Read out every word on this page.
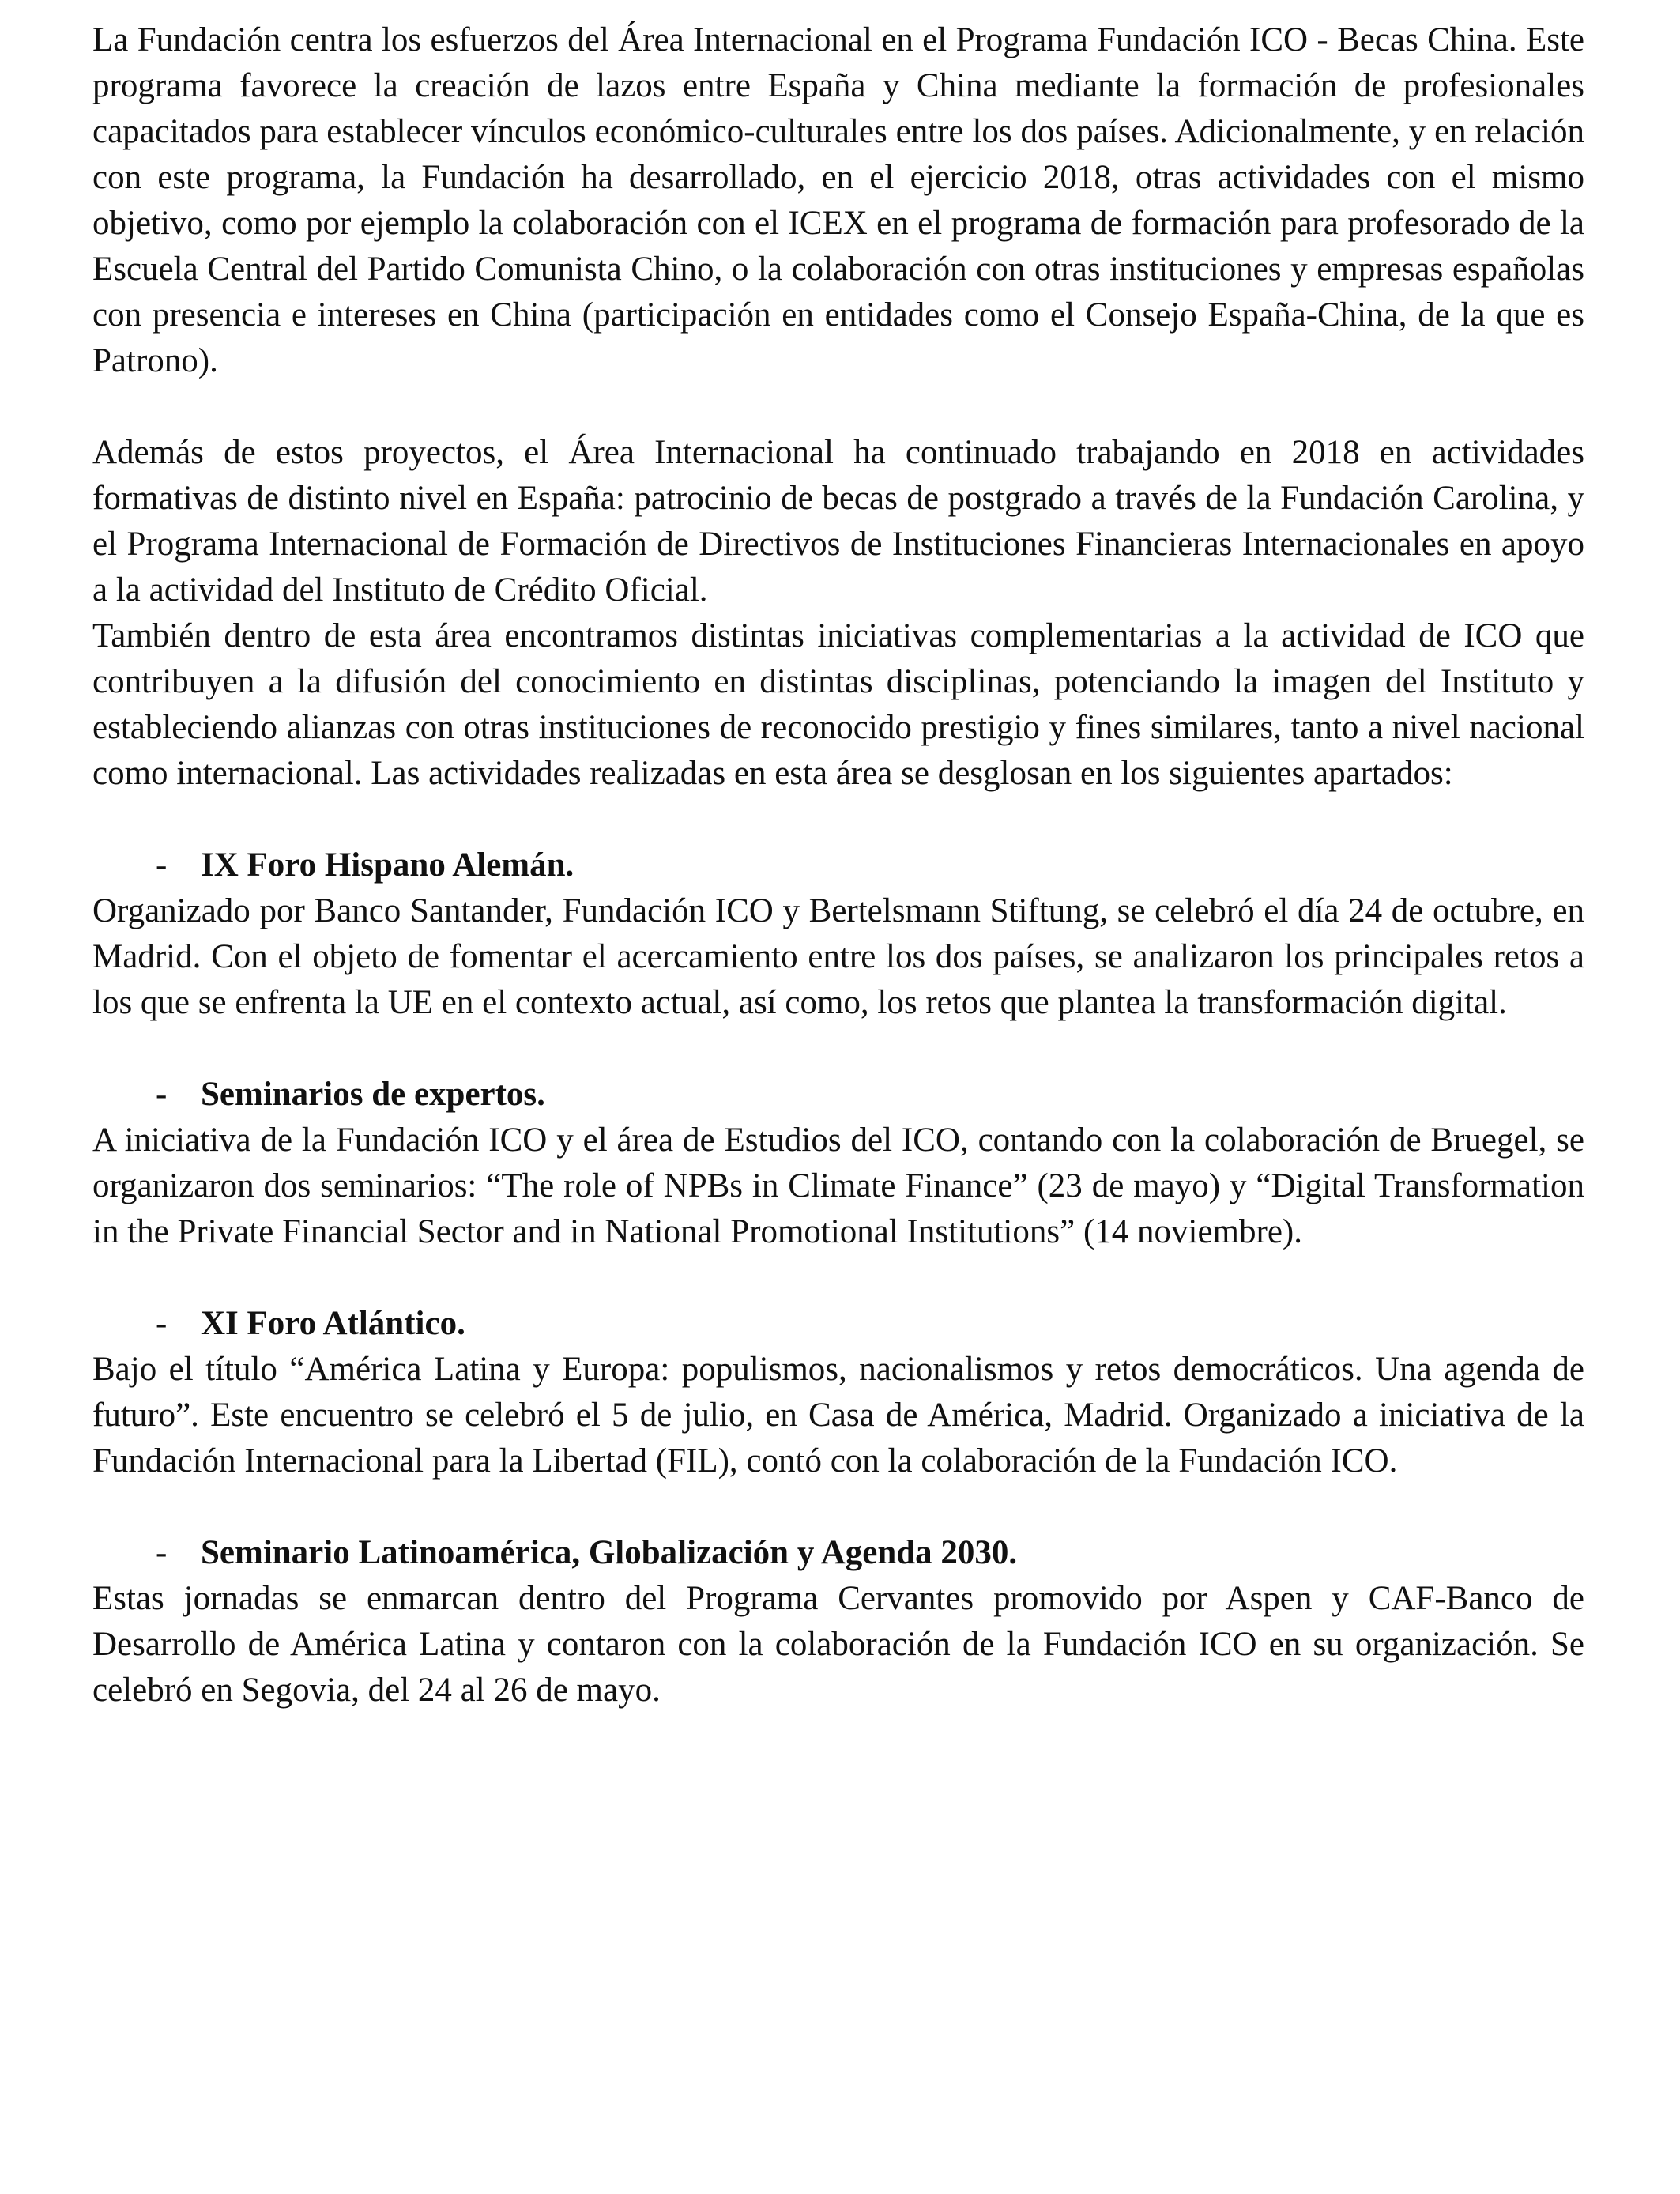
La Fundación centra los esfuerzos del Área Internacional en el Programa Fundación ICO - Becas China. Este programa favorece la creación de lazos entre España y China mediante la formación de profesionales capacitados para establecer vínculos económico-culturales entre los dos países. Adicionalmente, y en relación con este programa, la Fundación ha desarrollado, en el ejercicio 2018, otras actividades con el mismo objetivo, como por ejemplo la colaboración con el ICEX en el programa de formación para profesorado de la Escuela Central del Partido Comunista Chino, o la colaboración con otras instituciones y empresas españolas con presencia e intereses en China (participación en entidades como el Consejo España-China, de la que es Patrono).

Además de estos proyectos, el Área Internacional ha continuado trabajando en 2018 en actividades formativas de distinto nivel en España: patrocinio de becas de postgrado a través de la Fundación Carolina, y el Programa Internacional de Formación de Directivos de Instituciones Financieras Internacionales en apoyo a la actividad del Instituto de Crédito Oficial.

También dentro de esta área encontramos distintas iniciativas complementarias a la actividad de ICO que contribuyen a la difusión del conocimiento en distintas disciplinas, potenciando la imagen del Instituto y estableciendo alianzas con otras instituciones de reconocido prestigio y fines similares, tanto a nivel nacional como internacional. Las actividades realizadas en esta área se desglosan en los siguientes apartados:

- IX Foro Hispano Alemán.

Organizado por Banco Santander, Fundación ICO y Bertelsmann Stiftung, se celebró el día 24 de octubre, en Madrid. Con el objeto de fomentar el acercamiento entre los dos países, se analizaron los principales retos a los que se enfrenta la UE en el contexto actual, así como, los retos que plantea la transformación digital.

- Seminarios de expertos.

A iniciativa de la Fundación ICO y el área de Estudios del ICO, contando con la colaboración de Bruegel, se organizaron dos seminarios: “The role of NPBs in Climate Finance” (23 de mayo) y “Digital Transformation in the Private Financial Sector and in National Promotional Institutions” (14 noviembre).

- XI Foro Atlántico.

Bajo el título “América Latina y Europa: populismos, nacionalismos y retos democráticos. Una agenda de futuro”. Este encuentro se celebró el 5 de julio, en Casa de América, Madrid. Organizado a iniciativa de la Fundación Internacional para la Libertad (FIL), contó con la colaboración de la Fundación ICO.

- Seminario Latinoamérica, Globalización y Agenda 2030.

Estas jornadas se enmarcan dentro del Programa Cervantes promovido por Aspen y CAF-Banco de Desarrollo de América Latina y contaron con la colaboración de la Fundación ICO en su organización. Se celebró en Segovia, del 24 al 26 de mayo.
